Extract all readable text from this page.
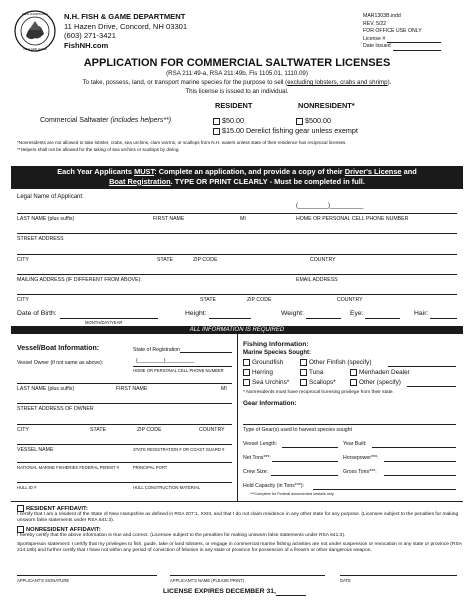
NEW HAMPSHIRE
FISH AND GAME
N.H. FISH & GAME DEPARTMENT
11 Hazen Drive, Concord, NH 03301
(603) 271-3421
FishNH.com
MAR1303B.indd
REV. 5/22
FOR OFFICE USE ONLY
License #
Date Issued
APPLICATION FOR COMMERCIAL SALTWATER LICENSES
(RSA 211:49-a, RSA 211:49b, Fis 1105.01, 1110.09)
To take, possess, land, or transport marine species for the purpose to sell (excluding lobsters, crabs and shrimp).
This license is issued to an individual.
RESIDENT	NONRESIDENT*
Commercial Saltwater (includes helpers**)	$50.00	$500.00
$15.00 Derelict fishing gear unless exempt
*Nonresidents are not allowed to take lobster, crabs, sea urchins, clam worms, or scallops from N.H. waters unless state of their residence has reciprocal licenses.
**Helpers shall not be allowed for the taking of sea urchins or scallops by diving.
Each Year Applicants MUST: Complete an application, and provide a copy of their Driver's License and
Boat Registration. TYPE OR PRINT CLEARLY - Must be completed in full.
Legal Name of Applicant:
(_________)__________
LAST NAME (plus suffix)	FIRST NAME	MI	HOME OR PERSONAL CELL PHONE NUMBER
STREET ADDRESS
CITY	STATE	ZIP CODE	COUNTRY
MAILING ADDRESS (IF DIFFERENT FROM ABOVE):	EMAIL ADDRESS
CITY	STATE	ZIP CODE	COUNTRY
Date of Birth:
MONTH/DAY/YEAR
Height:	Weight:	Eye:	Hair:
ALL INFORMATION IS REQUIRED
Vessel/Boat Information:	State of Registration
Vessel Owner (if not same as above):	(_________)__________
HOME OR PERSONAL CELL PHONE NUMBER
LAST NAME (plus suffix)	FIRST NAME	MI
STREET ADDRESS OF OWNER
CITY	STATE	ZIP CODE	COUNTRY
VESSEL NAME	STATE REGISTRATION # OR COAST GUARD #
NATIONAL MARINE FISHERIES FEDERAL PERMIT #	PRINCIPAL PORT
HULL ID #	HULL CONSTRUCTION MATERIAL
Fishing Information:
Marine Species Sought:
Groundfish	Other Finfish (specify)
Herring	Tuna	Menhaden Dealer
Sea Urchins*	Scallops*	Other (specify)
* Nonresidents must have reciprocal licensing privilege from their state.
Gear Information:
Type of Gear(s) used to harvest species sought
Vessel Length:	Year Built:
Net Tons***:	Horsepower***:
Crew Size:	Gross Tons***:
Hold Capacity (in Tons***):
***Complete for Federal documented vessels only.
RESIDENT AFFIDAVIT:
I certify that I am a resident of the State of New Hampshire as defined in RSA 207:1, XXIII, and that I do not claim residence in any other state for any purpose. (Licensee subject to the penalties for making unsworn false statements under RSA 641:3).
NONRESIDENT AFFIDAVIT:
I hereby certify that the above information is true and correct. (Licensee subject to the penalties for making unsworn false statements under RSA 641:3).
Sportsperson statement: I certify that my privileges to fish, guide, take or land lobsters, or engage in commercial marine fishing activities are not under suspension or revocation in any state or province (RSA 214:18b) and further certify that I have not within any period of conviction of felonies in any state or province for possession of a firearm or other dangerous weapon.
APPLICANT'S SIGNATURE	APPLICANT'S NAME (PLEASE PRINT)	DATE
LICENSE EXPIRES DECEMBER 31,
